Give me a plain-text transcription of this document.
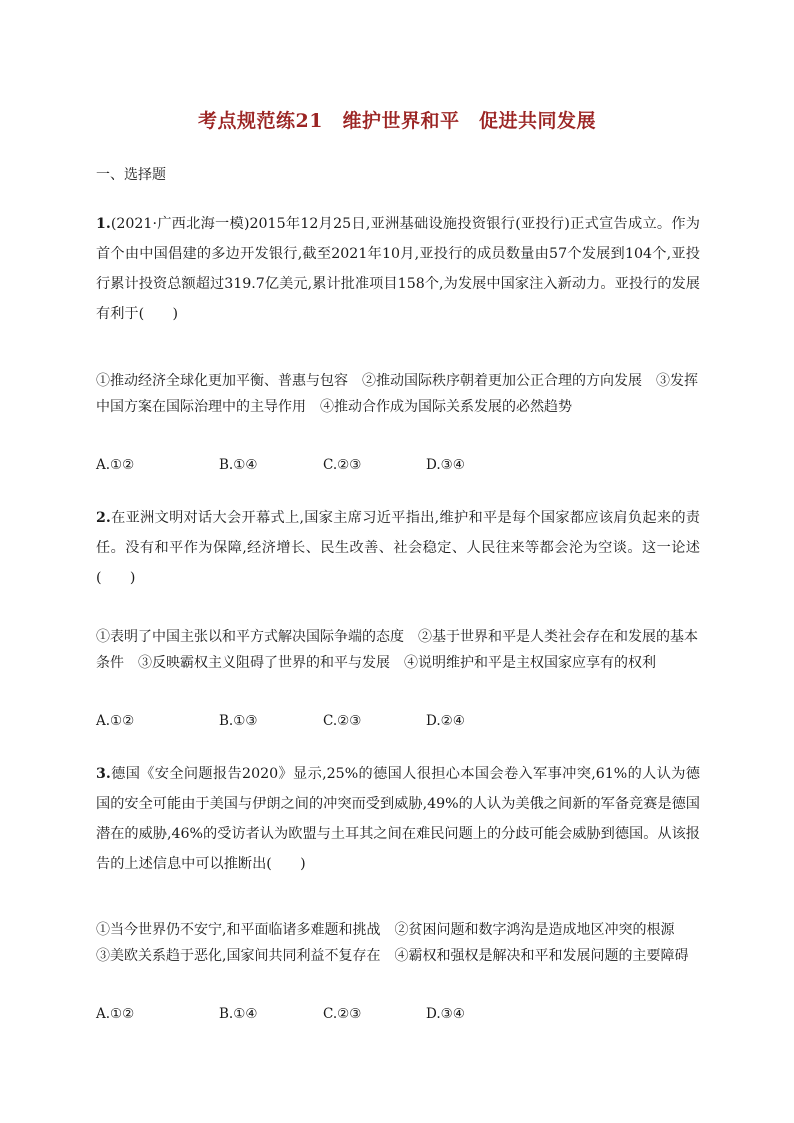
考点规范练21　维护世界和平　促进共同发展
一、选择题
1.(2021·广西北海一模)2015年12月25日,亚洲基础设施投资银行(亚投行)正式宣告成立。作为首个由中国倡建的多边开发银行,截至2021年10月,亚投行的成员数量由57个发展到104个,亚投行累计投资总额超过319.7亿美元,累计批准项目158个,为发展中国家注入新动力。亚投行的发展有利于(　　)
①推动经济全球化更加平衡、普惠与包容　②推动国际秩序朝着更加公正合理的方向发展　③发挥中国方案在国际治理中的主导作用　④推动合作成为国际关系发展的必然趋势
A.①②	B.①④	C.②③	D.③④
2.在亚洲文明对话大会开幕式上,国家主席习近平指出,维护和平是每个国家都应该肩负起来的责任。没有和平作为保障,经济增长、民生改善、社会稳定、人民往来等都会沦为空谈。这一论述(　　)
①表明了中国主张以和平方式解决国际争端的态度　②基于世界和平是人类社会存在和发展的基本条件　③反映霸权主义阻碍了世界的和平与发展　④说明维护和平是主权国家应享有的权利
A.①②	B.①③	C.②③	D.②④
3.德国《安全问题报告2020》显示,25%的德国人很担心本国会卷入军事冲突,61%的人认为德国的安全可能由于美国与伊朗之间的冲突而受到威胁,49%的人认为美俄之间新的军备竞赛是德国潜在的威胁,46%的受访者认为欧盟与土耳其之间在难民问题上的分歧可能会威胁到德国。从该报告的上述信息中可以推断出(　　)
①当今世界仍不安宁,和平面临诸多难题和挑战　②贫困问题和数字鸿沟是造成地区冲突的根源　③美欧关系趋于恶化,国家间共同利益不复存在　④霸权和强权是解决和平和发展问题的主要障碍
A.①②	B.①④	C.②③	D.③④
